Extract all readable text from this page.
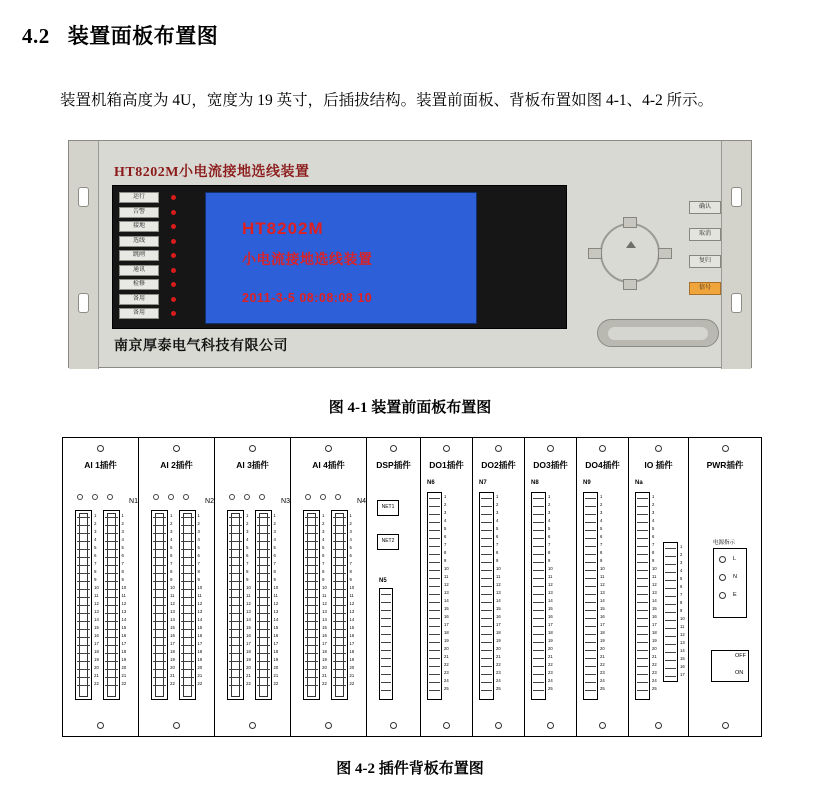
4.2 装置面板布置图
装置机箱高度为 4U，宽度为 19 英寸，后插拔结构。装置前面板、背板布置如图 4-1、4-2 所示。
HT8202M小电流接地选线装置
南京厚泰电气科技有限公司
运行
告警
接地
选线
跳闸
通讯
检修
备用
备用
HT8202M
小电流接地选线装置
2011-3-5 08:08:08 10
确认
取消
复归
信号
图 4-1 装置前面板布置图
AI 1插件
N1
1
2
3
4
5
6
7
8
9
10
11
12
13
14
15
16
17
18
19
20
21
22
1
2
3
4
5
6
7
8
9
10
11
12
13
14
15
16
17
18
19
20
21
22
AI 2插件
N2
1
2
3
4
5
6
7
8
9
10
11
12
13
14
15
16
17
18
19
20
21
22
1
2
3
4
5
6
7
8
9
10
11
12
13
14
15
16
17
18
19
20
21
22
AI 3插件
N3
1
2
3
4
5
6
7
8
9
10
11
12
13
14
15
16
17
18
19
20
21
22
1
2
3
4
5
6
7
8
9
10
11
12
13
14
15
16
17
18
19
20
21
22
AI 4插件
N4
1
2
3
4
5
6
7
8
9
10
11
12
13
14
15
16
17
18
19
20
21
22
1
2
3
4
5
6
7
8
9
10
11
12
13
14
15
16
17
18
19
20
21
22
DSP插件
NET1
NET2
N5
DO1插件
N6
1
2
3
4
5
6
7
8
9
10
11
12
13
14
15
16
17
18
19
20
21
22
23
24
25
DO2插件
N7
1
2
3
4
5
6
7
8
9
10
11
12
13
14
15
16
17
18
19
20
21
22
23
24
25
DO3插件
N8
1
2
3
4
5
6
7
8
9
10
11
12
13
14
15
16
17
18
19
20
21
22
23
24
25
DO4插件
N9
1
2
3
4
5
6
7
8
9
10
11
12
13
14
15
16
17
18
19
20
21
22
23
24
25
IO 插件
Na
1
2
3
4
5
6
7
8
9
10
11
12
13
14
15
16
17
18
19
20
21
22
23
24
25
1
2
3
4
5
6
7
8
9
10
11
12
13
14
15
16
17
PWR插件
电源指示
L
N
E
OFF
ON
图 4-2 插件背板布置图
